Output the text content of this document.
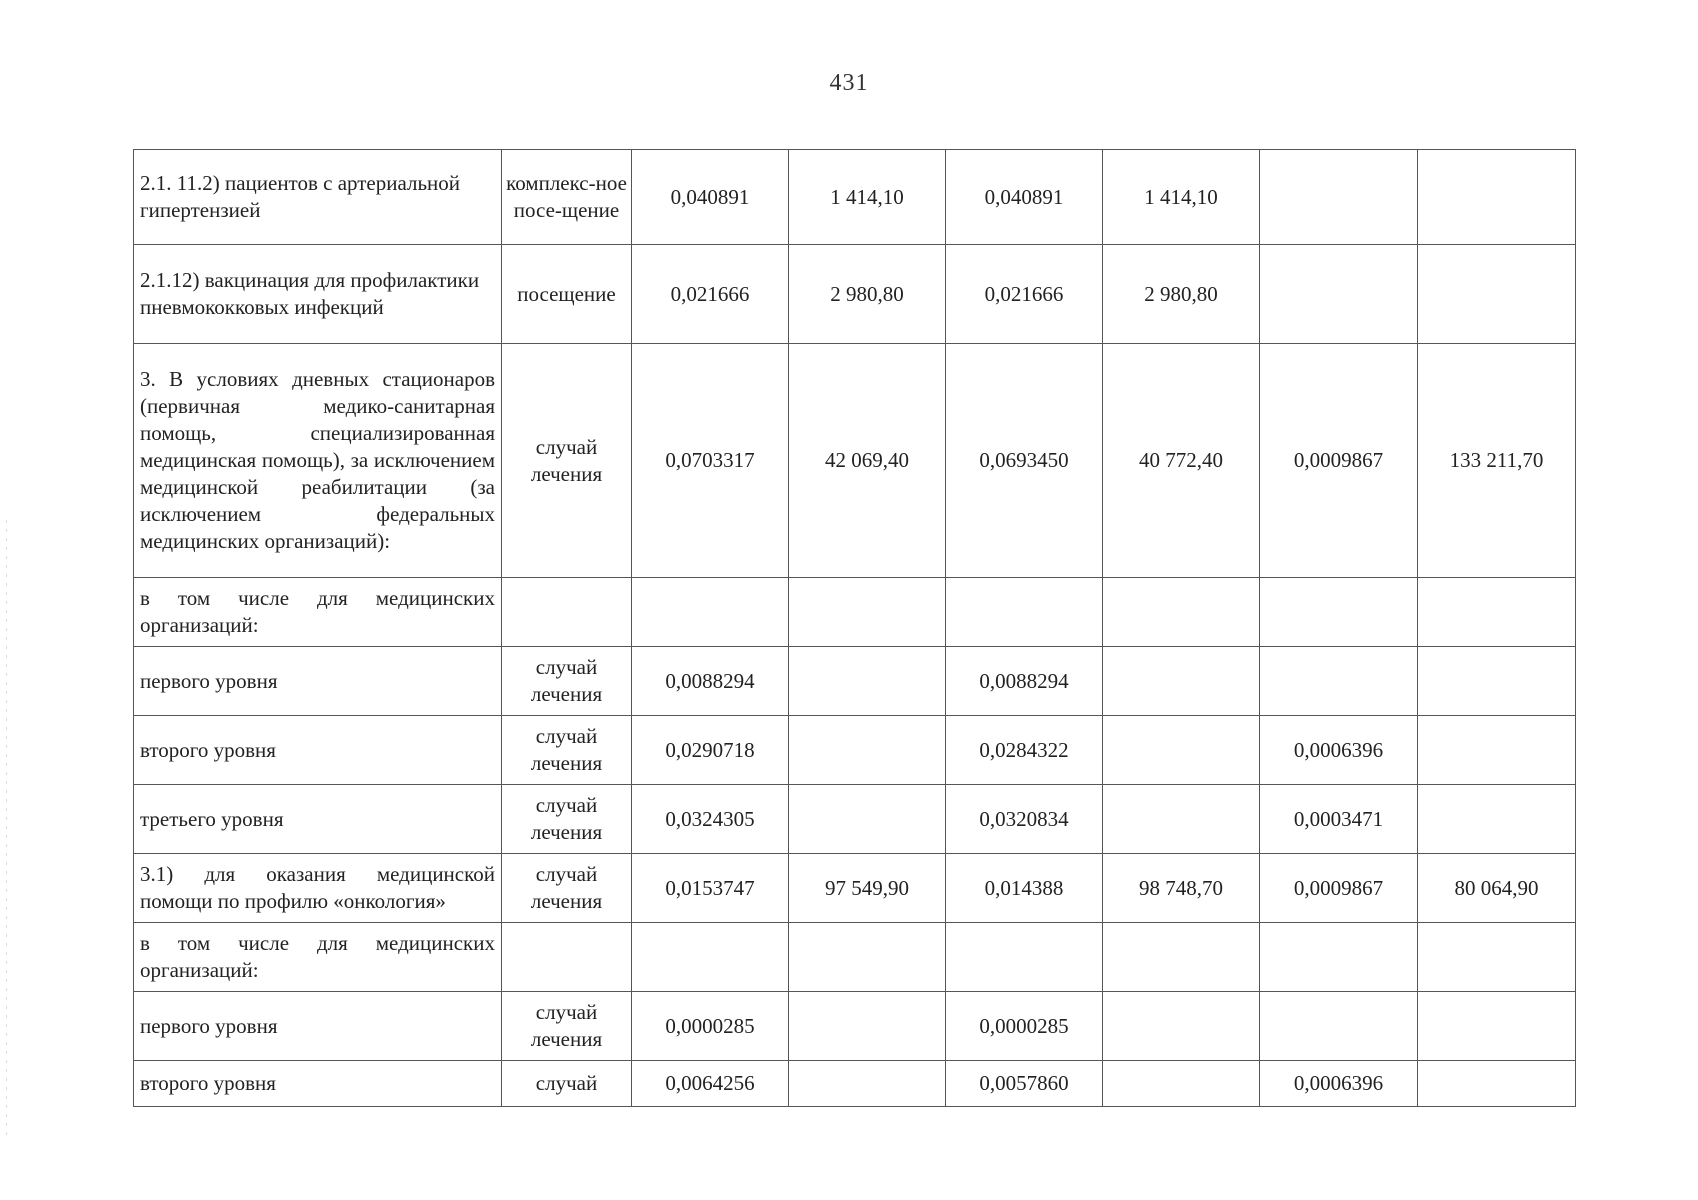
431
2.1. 11.2) пациентов с артериальной гипертензией	комплекс-ное посе-щение	0,040891	1 414,10	0,040891	1 414,10		
2.1.12) вакцинация для профилактики пневмококковых инфекций	посещение	0,021666	2 980,80	0,021666	2 980,80		
3. В условиях дневных стационаров (первичная медико-санитарная помощь, специализированная медицинская помощь), за исключением медицинской реабилитации (за исключением федеральных медицинских организаций):	случай лечения	0,0703317	42 069,40	0,0693450	40 772,40	0,0009867	133 211,70
в том числе для медицинских организаций:							
первого уровня	случай лечения	0,0088294		0,0088294			
второго уровня	случай лечения	0,0290718		0,0284322		0,0006396	
третьего уровня	случай лечения	0,0324305		0,0320834		0,0003471	
3.1) для оказания медицинской помощи по профилю «онкология»	случай лечения	0,0153747	97 549,90	0,014388	98 748,70	0,0009867	80 064,90
в том числе для медицинских организаций:							
первого уровня	случай лечения	0,0000285		0,0000285			
второго уровня	случай	0,0064256		0,0057860		0,0006396	
